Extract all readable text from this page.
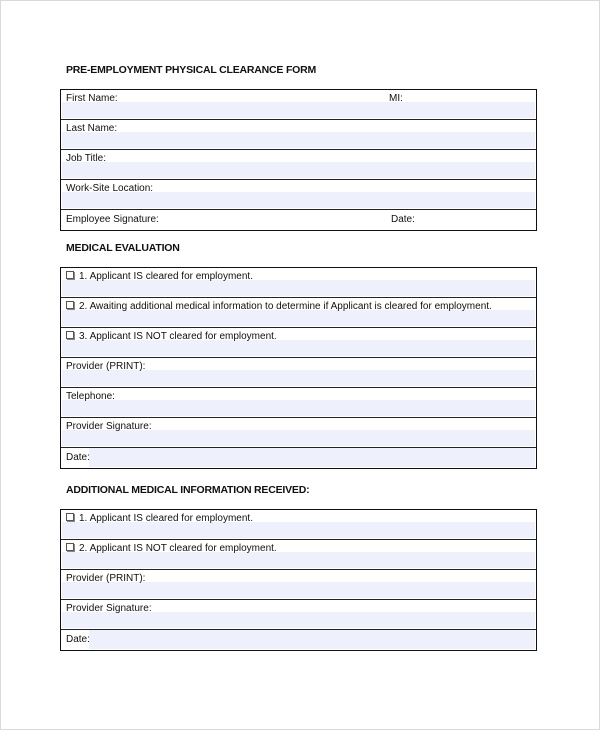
PRE-EMPLOYMENT PHYSICAL CLEARANCE FORM
First Name:	MI:
Last Name:
Job Title:
Work-Site Location:
Employee Signature:	Date:
MEDICAL EVALUATION
1. Applicant IS cleared for employment.
2. Awaiting additional medical information to determine if Applicant is cleared for employment.
3. Applicant IS NOT cleared for employment.
Provider (PRINT):
Telephone:
Provider Signature:
Date:
ADDITIONAL MEDICAL INFORMATION RECEIVED:
1. Applicant IS cleared for employment.
2. Applicant IS NOT cleared for employment.
Provider (PRINT):
Provider Signature:
Date:
